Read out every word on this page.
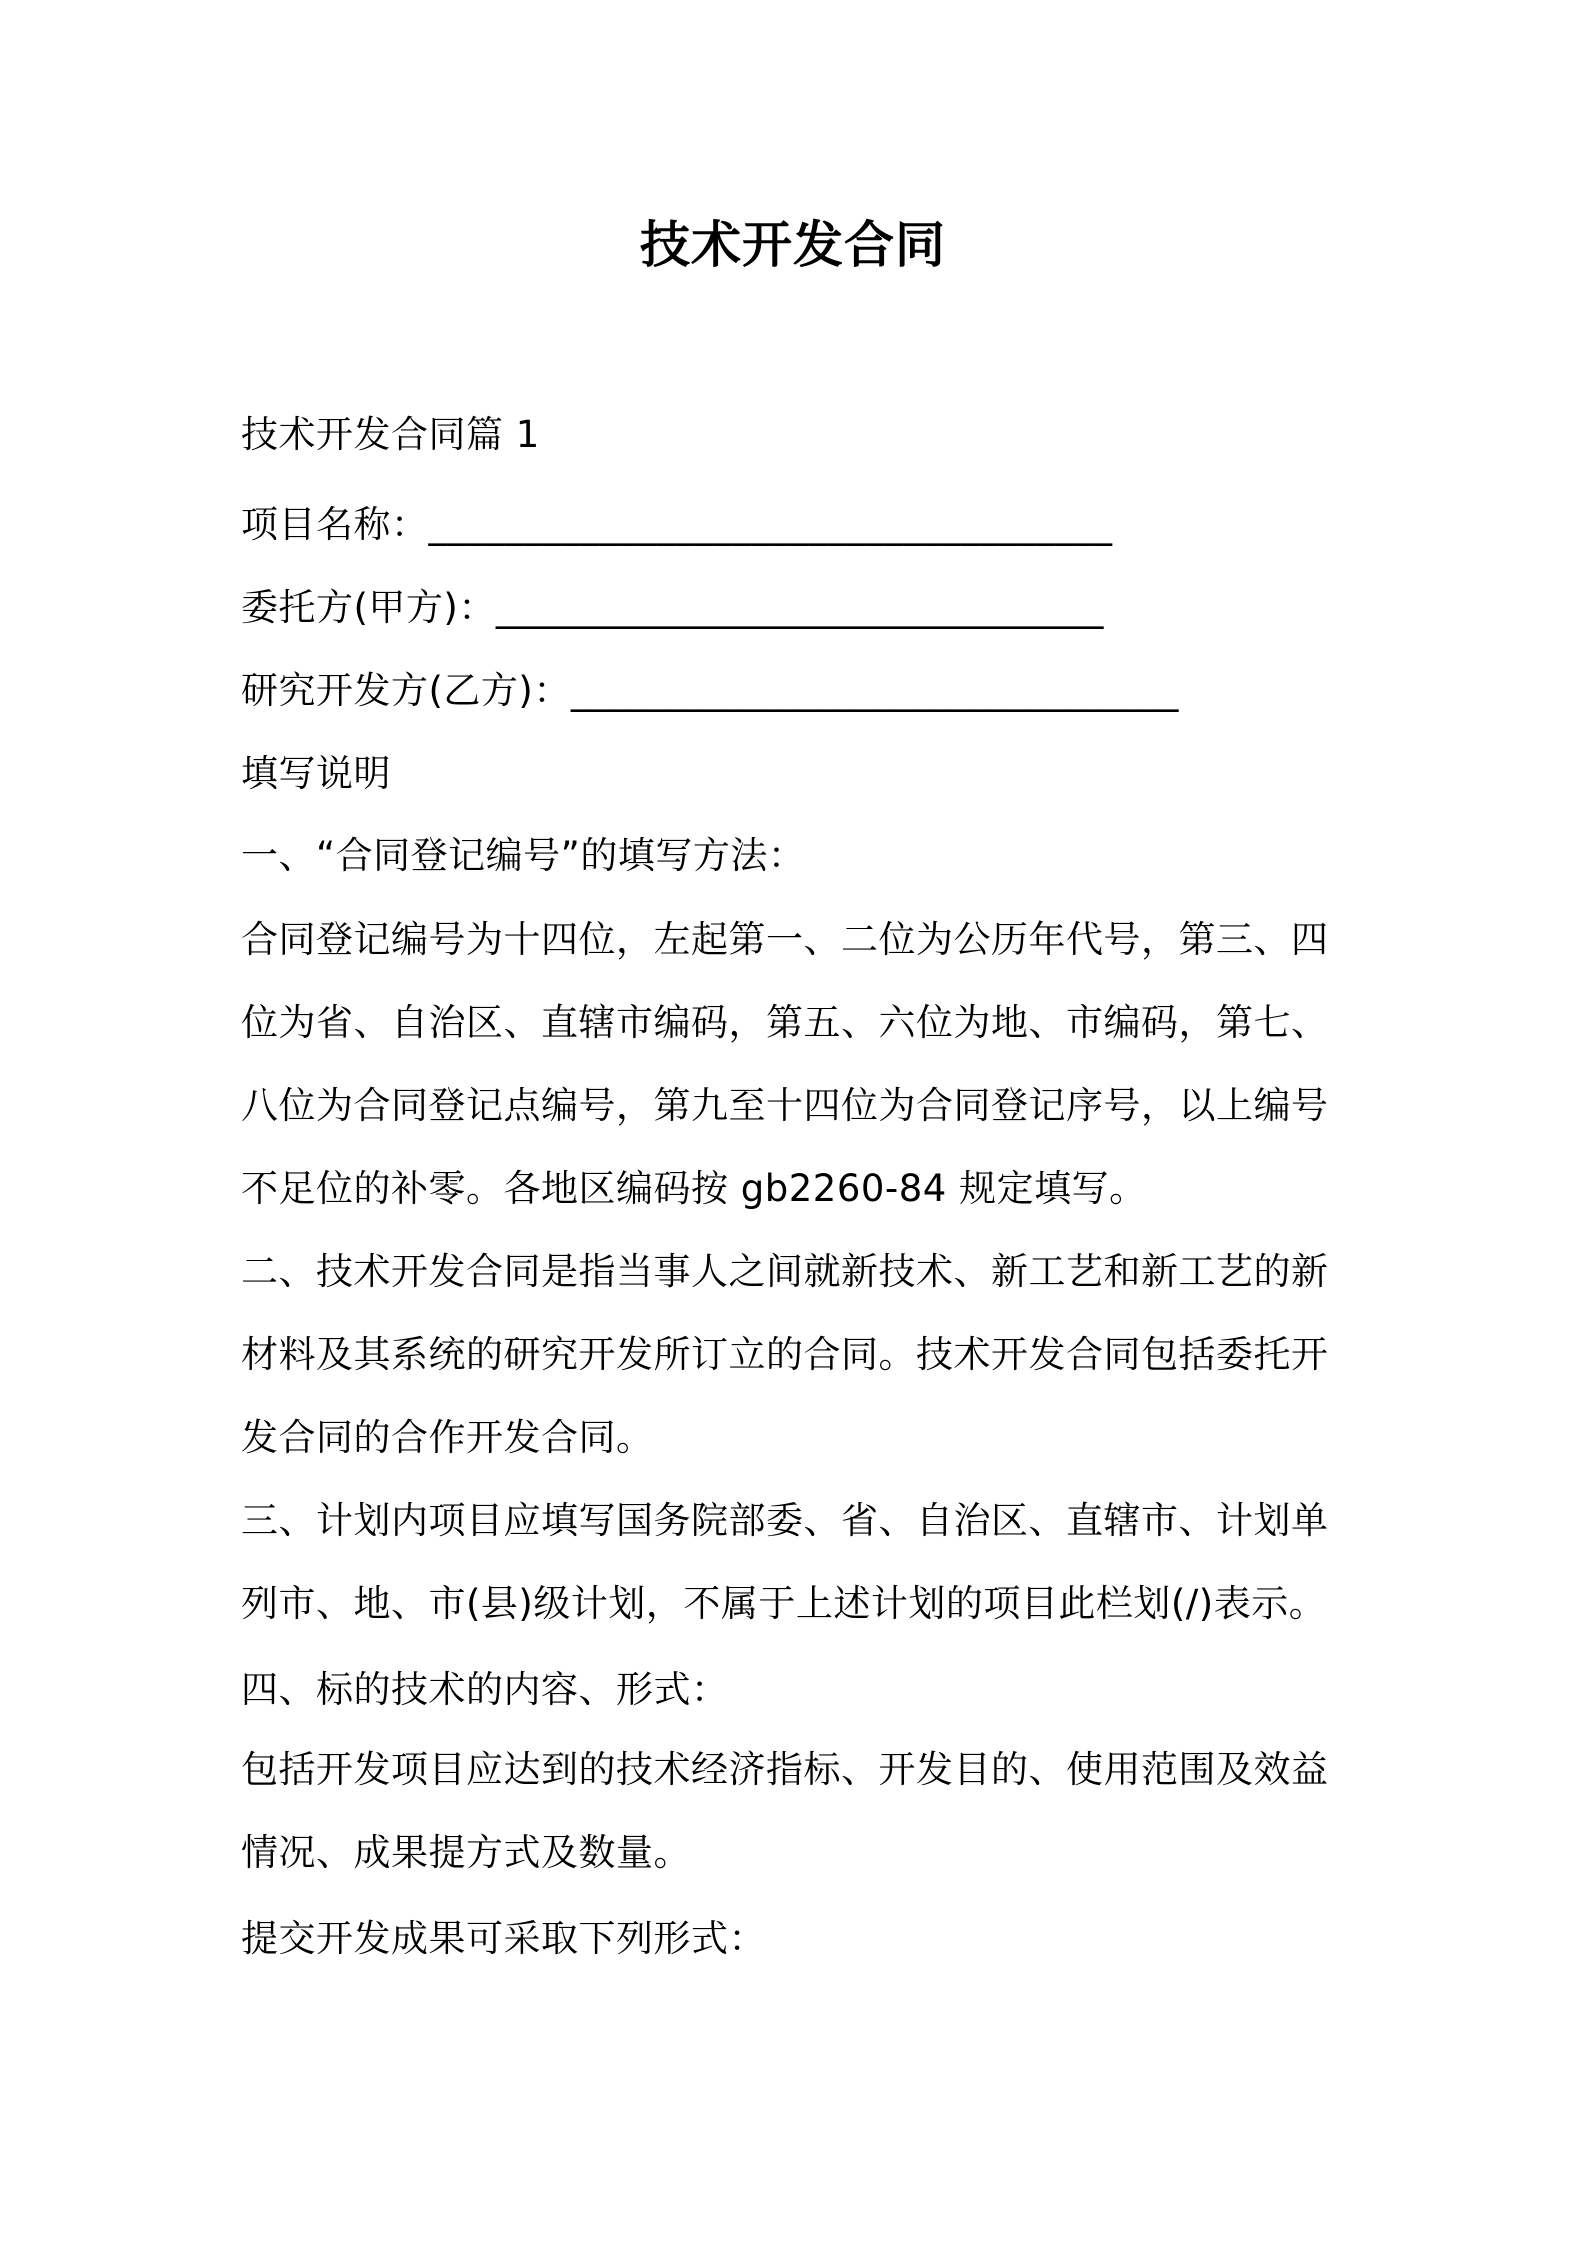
技术开发合同
技术开发合同篇 1
项目名称：____________________________________
委托方(甲方)：________________________________
研究开发方(乙方)：________________________________
填写说明
一、“合同登记编号”的填写方法：
合同登记编号为十四位，左起第一、二位为公历年代号，第三、四位为省、自治区、直辖市编码，第五、六位为地、市编码，第七、八位为合同登记点编号，第九至十四位为合同登记序号，以上编号不足位的补零。各地区编码按 gb2260-84 规定填写。
二、技术开发合同是指当事人之间就新技术、新工艺和新工艺的新材料及其系统的研究开发所订立的合同。技术开发合同包括委托开发合同的合作开发合同。
三、计划内项目应填写国务院部委、省、自治区、直辖市、计划单列市、地、市(县)级计划，不属于上述计划的项目此栏划(/)表示。
四、标的技术的内容、形式：
包括开发项目应达到的技术经济指标、开发目的、使用范围及效益情况、成果提方式及数量。
提交开发成果可采取下列形式：
